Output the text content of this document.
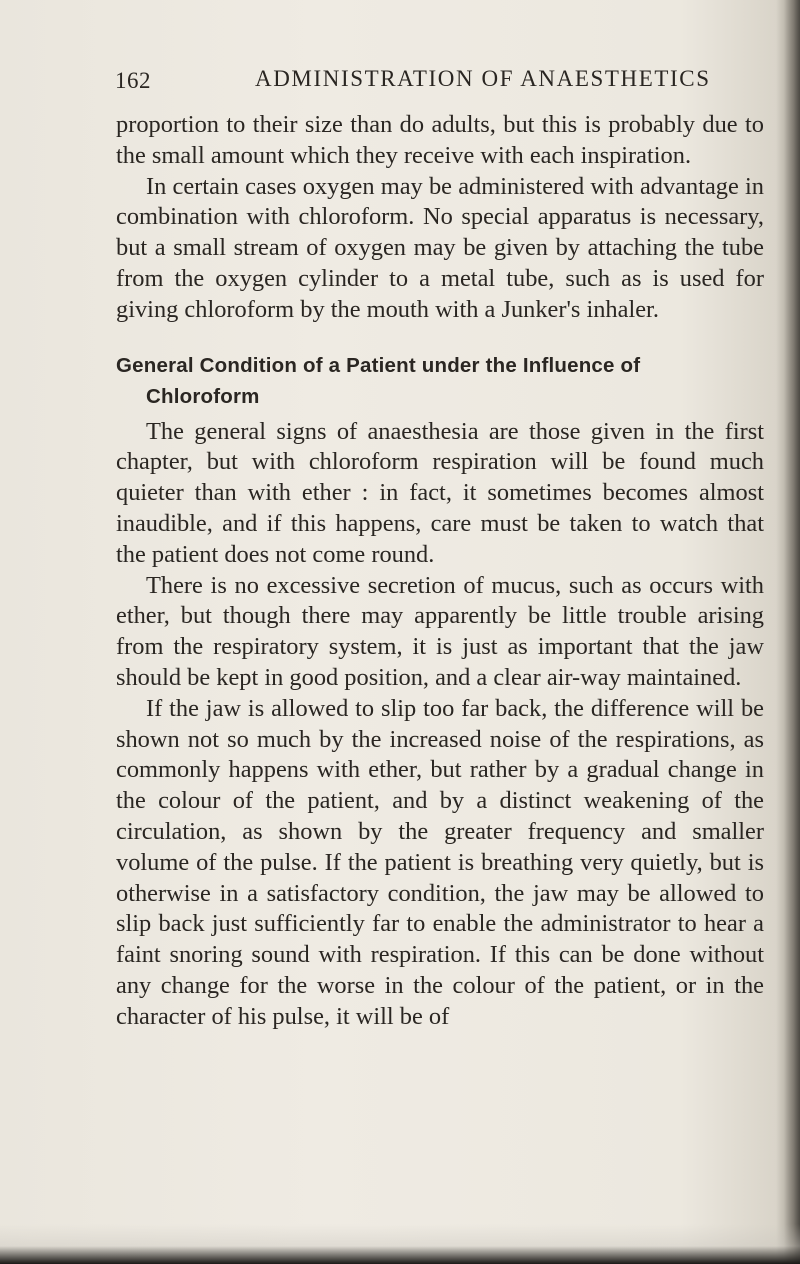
162	ADMINISTRATION OF ANAESTHETICS

proportion to their size than do adults, but this is probably due to the small amount which they receive with each inspiration.

In certain cases oxygen may be administered with advantage in combination with chloroform. No special apparatus is necessary, but a small stream of oxygen may be given by attaching the tube from the oxygen cylinder to a metal tube, such as is used for giving chloroform by the mouth with a Junker's inhaler.

General Condition of a Patient under the Influence of
Chloroform

The general signs of anaesthesia are those given in the first chapter, but with chloroform respiration will be found much quieter than with ether : in fact, it sometimes becomes almost inaudible, and if this happens, care must be taken to watch that the patient does not come round.

There is no excessive secretion of mucus, such as occurs with ether, but though there may apparently be little trouble arising from the respiratory system, it is just as important that the jaw should be kept in good position, and a clear air-way maintained.

If the jaw is allowed to slip too far back, the difference will be shown not so much by the increased noise of the respirations, as commonly happens with ether, but rather by a gradual change in the colour of the patient, and by a distinct weakening of the circulation, as shown by the greater frequency and smaller volume of the pulse. If the patient is breathing very quietly, but is otherwise in a satisfactory condition, the jaw may be allowed to slip back just sufficiently far to enable the administrator to hear a faint snoring sound with respiration. If this can be done without any change for the worse in the colour of the patient, or in the character of his pulse, it will be of
